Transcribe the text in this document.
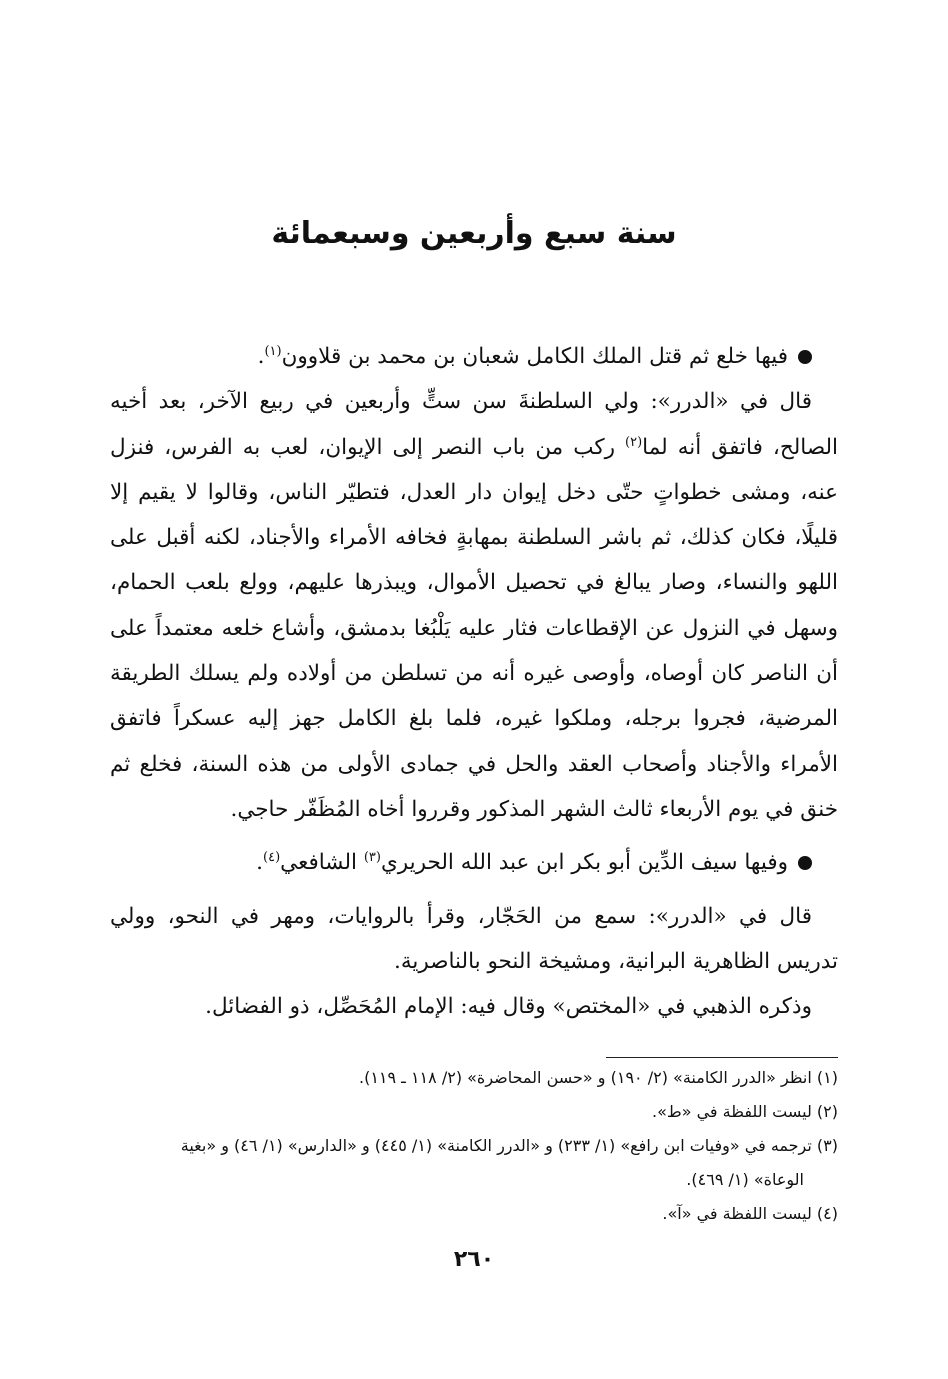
سنة سبع وأربعين وسبعمائة

فيها خلع ثم قتل الملك الكامل شعبان بن محمد بن قلاوون$^{(١)}$.

قال في «الدرر»: ولي السلطنةَ سن ستٍّ وأربعين في ربيع الآخر، بعد أخيه الصالح، فاتفق أنه لما$^{(٢)}$ ركب من باب النصر إلى الإيوان، لعب به الفرس، فنزل عنه، ومشى خطواتٍ حتّى دخل إيوان دار العدل، فتطيّر الناس، وقالوا لا يقيم إلا قليلًا، فكان كذلك، ثم باشر السلطنة بمهابةٍ فخافه الأمراء والأجناد، لكنه أقبل على اللهو والنساء، وصار يبالغ في تحصيل الأموال، ويبذرها عليهم، وولع بلعب الحمام، وسهل في النزول عن الإقطاعات فثار عليه يَلْبُغا بدمشق، وأشاع خلعه معتمداً على أن الناصر كان أوصاه، وأوصى غيره أنه من تسلطن من أولاده ولم يسلك الطريقة المرضية، فجروا برجله، وملكوا غيره، فلما بلغ الكامل جهز إليه عسكراً فاتفق الأمراء والأجناد وأصحاب العقد والحل في جمادى الأولى من هذه السنة، فخلع ثم خنق في يوم الأربعاء ثالث الشهر المذكور وقرروا أخاه المُظَفّر حاجي.

وفيها سيف الدِّين أبو بكر ابن عبد الله الحريري$^{(٣)}$ الشافعي$^{(٤)}$.

قال في «الدرر»: سمع من الحَجّار، وقرأ بالروايات، ومهر في النحو، وولي تدريس الظاهرية البرانية، ومشيخة النحو بالناصرية.

وذكره الذهبي في «المختص» وقال فيه: الإمام المُحَصِّل، ذو الفضائل.

(١) انظر «الدرر الكامنة» (٢/ ١٩٠) و «حسن المحاضرة» (٢/ ١١٨ ـ ١١٩).

(٢) ليست اللفظة في «ط».

(٣) ترجمه في «وفيات ابن رافع» (١/ ٢٣٣) و «الدرر الكامنة» (١/ ٤٤٥) و «الدارس» (١/ ٤٦) و «بغية

الوعاة» (١/ ٤٦٩).

(٤) ليست اللفظة في «آ».

٢٦٠
